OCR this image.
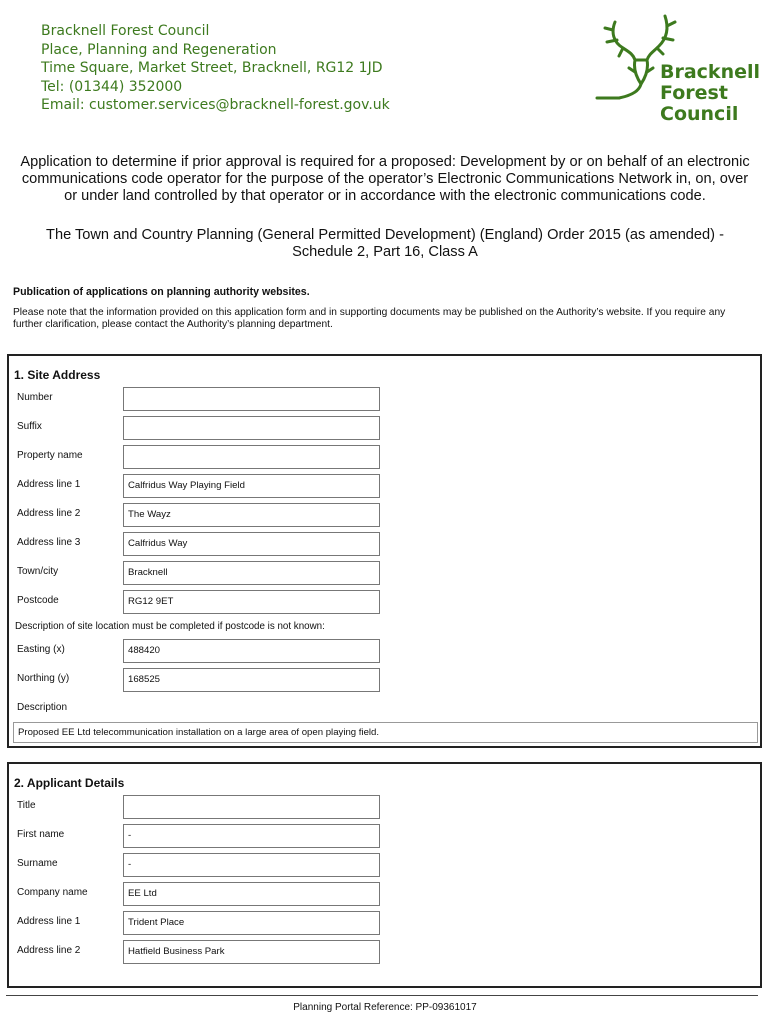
Bracknell Forest Council
Place, Planning and Regeneration
Time Square, Market Street, Bracknell, RG12 1JD
Tel: (01344) 352000
Email: customer.services@bracknell-forest.gov.uk
Bracknell
Forest
Council
Application to determine if prior approval is required for a proposed: Development by or on behalf of an electronic communications code operator for the purpose of the operator’s Electronic Communications Network in, on, over or under land controlled by that operator or in accordance with the electronic communications code.
The Town and Country Planning (General Permitted Development) (England) Order 2015 (as amended) - Schedule 2, Part 16, Class A
Publication of applications on planning authority websites.
Please note that the information provided on this application form and in supporting documents may be published on the Authority’s website. If you require any further clarification, please contact the Authority’s planning department.
1. Site Address
Number
Suffix
Property name
Address line 1	Calfridus Way Playing Field
Address line 2	The Wayz
Address line 3	Calfridus Way
Town/city	Bracknell
Postcode	RG12 9ET
Description of site location must be completed if postcode is not known:
Easting (x)	488420
Northing (y)	168525
Description
Proposed EE Ltd telecommunication installation on a large area of open playing field.
2. Applicant Details
Title
First name	-
Surname	-
Company name	EE Ltd
Address line 1	Trident Place
Address line 2	Hatfield Business Park
Planning Portal Reference: PP-09361017
